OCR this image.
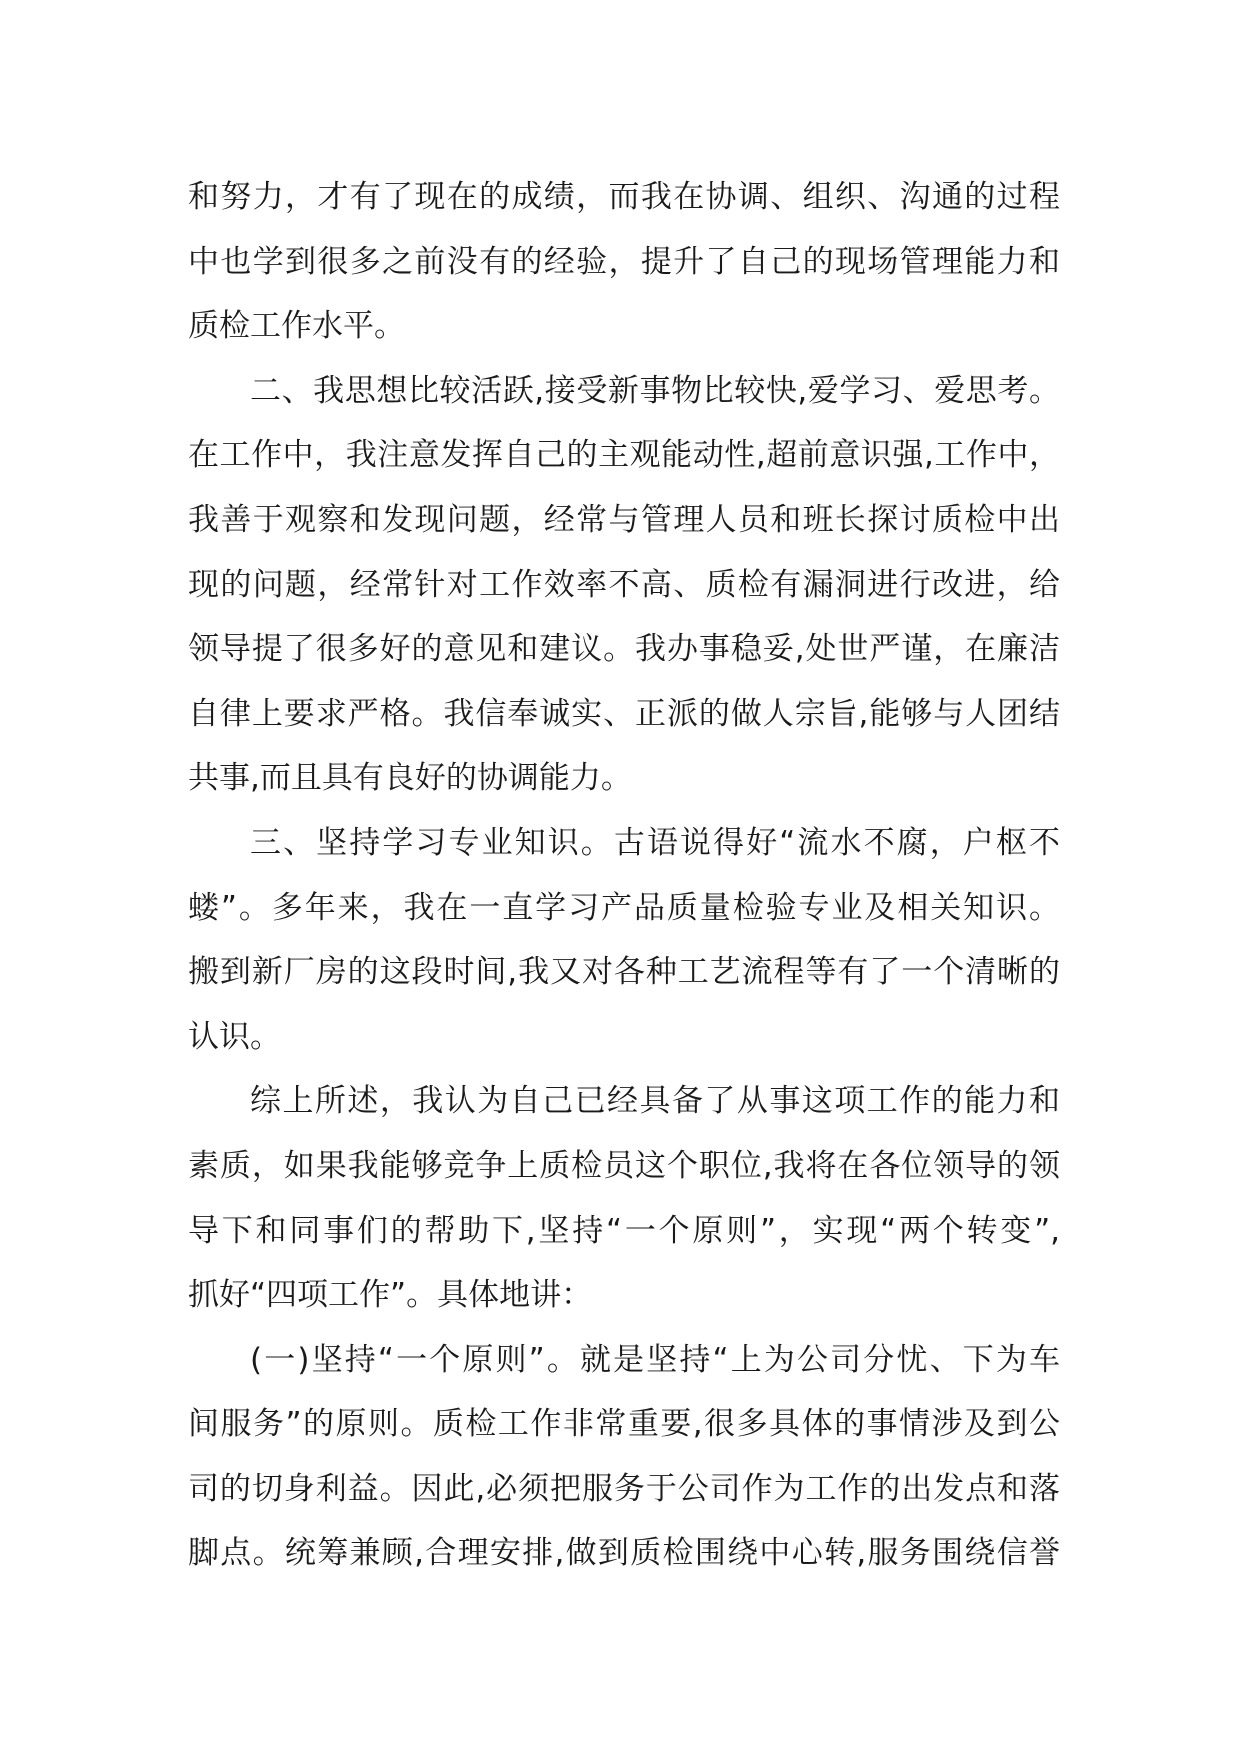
和努力，才有了现在的成绩，而我在协调、组织、沟通的过程
中也学到很多之前没有的经验，提升了自己的现场管理能力和
质检工作水平。
二、我思想比较活跃,接受新事物比较快,爱学习、爱思考。
在工作中，我注意发挥自己的主观能动性,超前意识强,工作中，
我善于观察和发现问题，经常与管理人员和班长探讨质检中出
现的问题，经常针对工作效率不高、质检有漏洞进行改进，给
领导提了很多好的意见和建议。我办事稳妥,处世严谨，在廉洁
自律上要求严格。我信奉诚实、正派的做人宗旨,能够与人团结
共事,而且具有良好的协调能力。
三、坚持学习专业知识。古语说得好“流水不腐，户枢不
蝼”。多年来，我在一直学习产品质量检验专业及相关知识。
搬到新厂房的这段时间,我又对各种工艺流程等有了一个清晰的
认识。
综上所述，我认为自己已经具备了从事这项工作的能力和
素质，如果我能够竞争上质检员这个职位,我将在各位领导的领
导下和同事们的帮助下,坚持“一个原则”，实现“两个转变”,
抓好“四项工作”。具体地讲：
(一)坚持“一个原则”。就是坚持“上为公司分忧、下为车
间服务”的原则。质检工作非常重要,很多具体的事情涉及到公
司的切身利益。因此,必须把服务于公司作为工作的出发点和落
脚点。统筹兼顾,合理安排,做到质检围绕中心转,服务围绕信誉
